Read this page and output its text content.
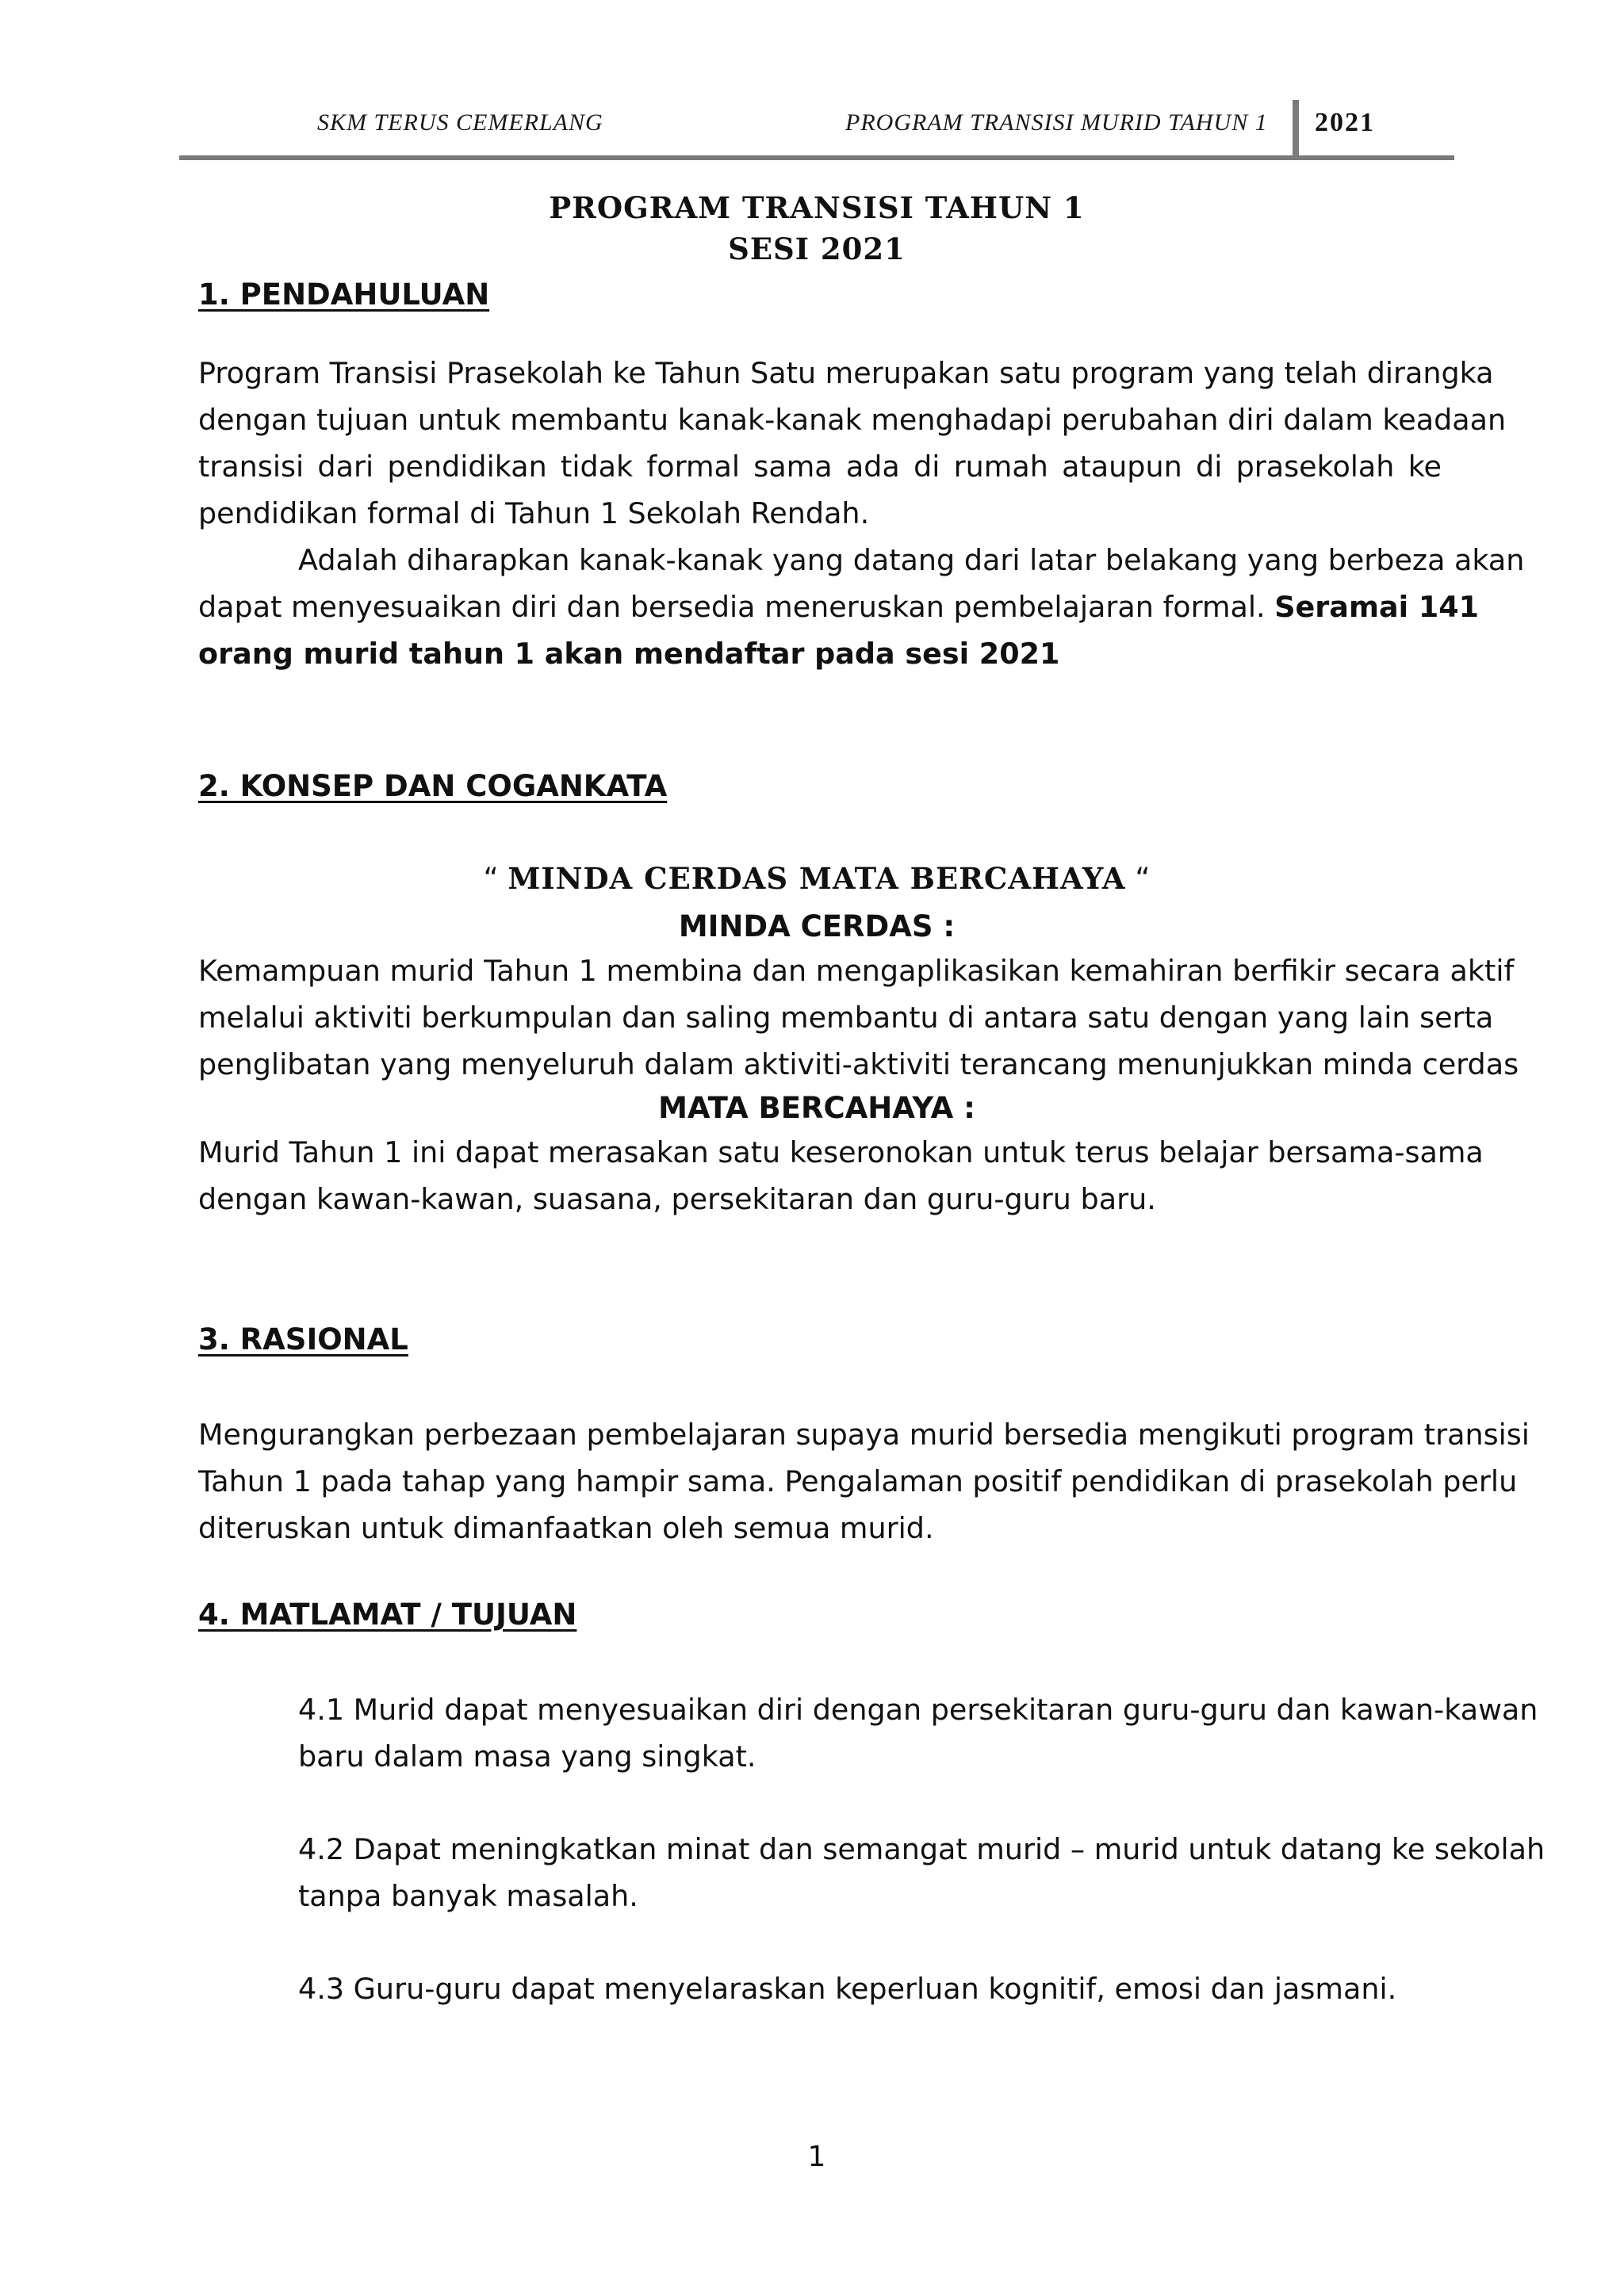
SKM TERUS CEMERLANG	PROGRAM TRANSISI MURID TAHUN 1 2021
PROGRAM TRANSISI TAHUN 1
SESI 2021
1. PENDAHULUAN
Program Transisi Prasekolah ke Tahun Satu merupakan satu program yang telah dirangka
dengan tujuan untuk membantu kanak-kanak menghadapi perubahan diri dalam keadaan
transisi dari pendidikan tidak formal sama ada di rumah ataupun di prasekolah ke
pendidikan formal di Tahun 1 Sekolah Rendah.
Adalah diharapkan kanak-kanak yang datang dari latar belakang yang berbeza akan
dapat menyesuaikan diri dan bersedia meneruskan pembelajaran formal. Seramai 141
orang murid tahun 1 akan mendaftar pada sesi 2021
2. KONSEP DAN COGANKATA
“ MINDA CERDAS MATA BERCAHAYA “
MINDA CERDAS :
Kemampuan murid Tahun 1 membina dan mengaplikasikan kemahiran berfikir secara aktif
melalui aktiviti berkumpulan dan saling membantu di antara satu dengan yang lain serta
penglibatan yang menyeluruh dalam aktiviti-aktiviti terancang menunjukkan minda cerdas
MATA BERCAHAYA :
Murid Tahun 1 ini dapat merasakan satu keseronokan untuk terus belajar bersama-sama
dengan kawan-kawan, suasana, persekitaran dan guru-guru baru.
3. RASIONAL
Mengurangkan perbezaan pembelajaran supaya murid bersedia mengikuti program transisi
Tahun 1 pada tahap yang hampir sama. Pengalaman positif pendidikan di prasekolah perlu
diteruskan untuk dimanfaatkan oleh semua murid.
4. MATLAMAT / TUJUAN
4.1 Murid dapat menyesuaikan diri dengan persekitaran guru-guru dan kawan-kawan
baru dalam masa yang singkat.
4.2 Dapat meningkatkan minat dan semangat murid – murid untuk datang ke sekolah
tanpa banyak masalah.
4.3 Guru-guru dapat menyelaraskan keperluan kognitif, emosi dan jasmani.
1
